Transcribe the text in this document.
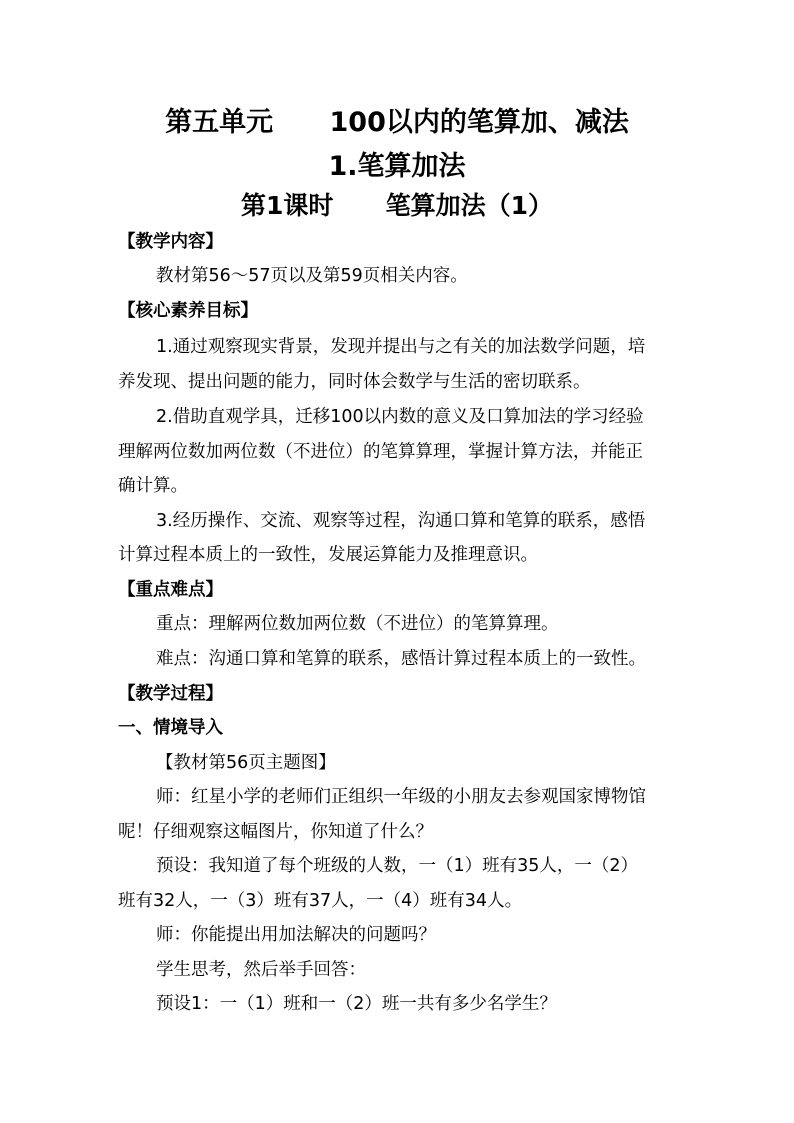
第五单元      100以内的笔算加、减法
1.笔算加法
第1课时      笔算加法（1）
【教学内容】
教材第56～57页以及第59页相关内容。
【核心素养目标】
1.通过观察现实背景，发现并提出与之有关的加法数学问题，培
养发现、提出问题的能力，同时体会数学与生活的密切联系。
2.借助直观学具，迁移100以内数的意义及口算加法的学习经验
理解两位数加两位数（不进位）的笔算算理，掌握计算方法，并能正
确计算。
3.经历操作、交流、观察等过程，沟通口算和笔算的联系，感悟
计算过程本质上的一致性，发展运算能力及推理意识。
【重点难点】
重点：理解两位数加两位数（不进位）的笔算算理。
难点：沟通口算和笔算的联系，感悟计算过程本质上的一致性。
【教学过程】
一、情境导入
【教材第56页主题图】
师：红星小学的老师们正组织一年级的小朋友去参观国家博物馆
呢！仔细观察这幅图片，你知道了什么？
预设：我知道了每个班级的人数，一（1）班有35人，一（2）
班有32人，一（3）班有37人，一（4）班有34人。
师：你能提出用加法解决的问题吗？
学生思考，然后举手回答：
预设1：一（1）班和一（2）班一共有多少名学生？
